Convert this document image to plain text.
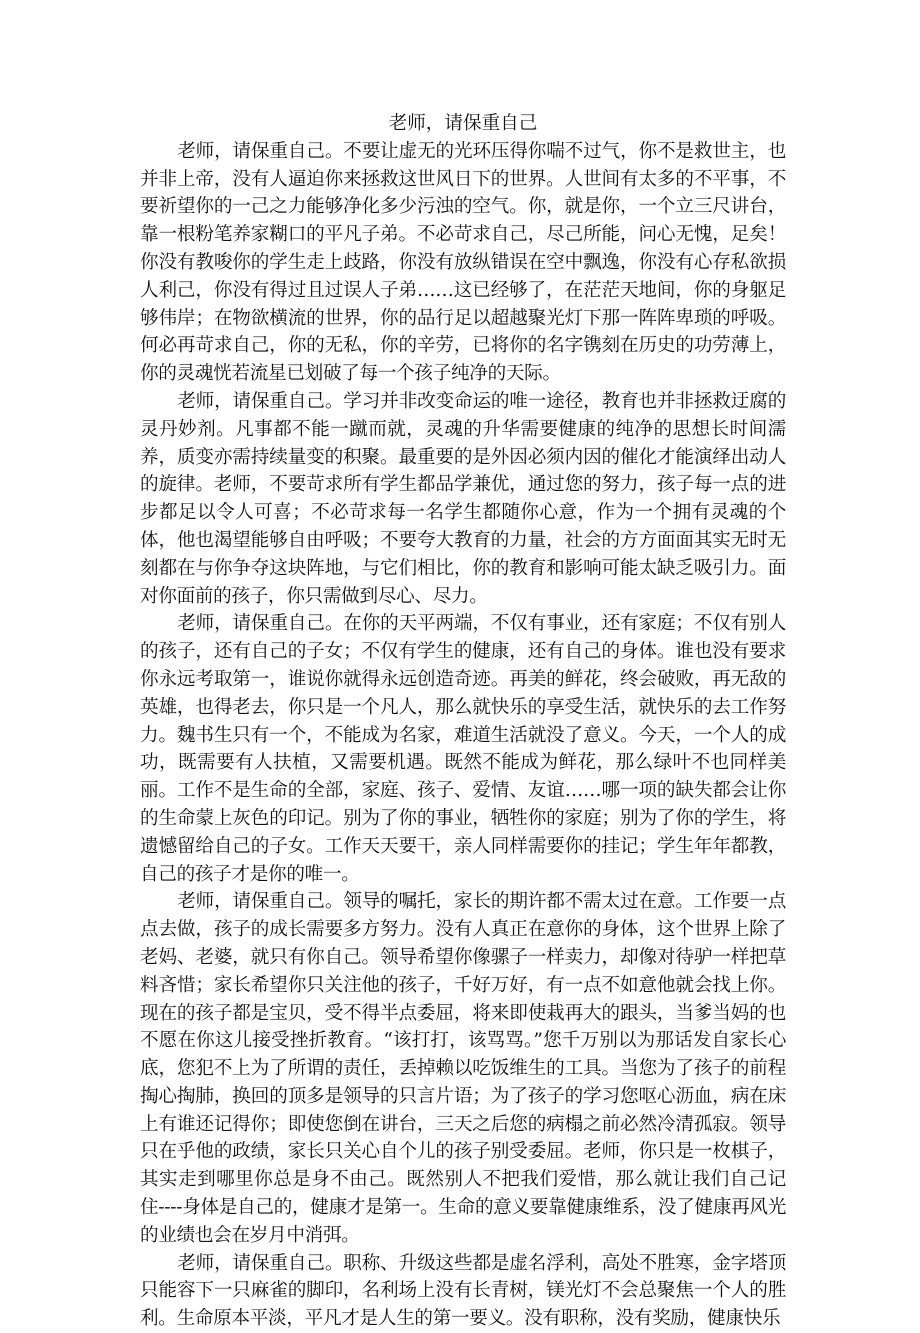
老师，请保重自己

老师，请保重自己。不要让虚无的光环压得你喘不过气，你不是救世主，也并非上帝，没有人逼迫你来拯救这世风日下的世界。人世间有太多的不平事，不要祈望你的一己之力能够净化多少污浊的空气。你，就是你，一个立三尺讲台，靠一根粉笔养家糊口的平凡子弟。不必苛求自己，尽己所能，问心无愧，足矣！你没有教唆你的学生走上歧路，你没有放纵错误在空中飘逸，你没有心存私欲损人利己，你没有得过且过误人子弟……这已经够了，在茫茫天地间，你的身躯足够伟岸；在物欲横流的世界，你的品行足以超越聚光灯下那一阵阵卑琐的呼吸。何必再苛求自己，你的无私，你的辛劳，已将你的名字镌刻在历史的功劳薄上，你的灵魂恍若流星已划破了每一个孩子纯净的天际。

老师，请保重自己。学习并非改变命运的唯一途径，教育也并非拯救迂腐的灵丹妙剂。凡事都不能一蹴而就，灵魂的升华需要健康的纯净的思想长时间濡养，质变亦需持续量变的积聚。最重要的是外因必须内因的催化才能演绎出动人的旋律。老师，不要苛求所有学生都品学兼优，通过您的努力，孩子每一点的进步都足以令人可喜；不必苛求每一名学生都随你心意，作为一个拥有灵魂的个体，他也渴望能够自由呼吸；不要夸大教育的力量，社会的方方面面其实无时无刻都在与你争夺这块阵地，与它们相比，你的教育和影响可能太缺乏吸引力。面对你面前的孩子，你只需做到尽心、尽力。

老师，请保重自己。在你的天平两端，不仅有事业，还有家庭；不仅有别人的孩子，还有自己的子女；不仅有学生的健康，还有自己的身体。谁也没有要求你永远考取第一，谁说你就得永远创造奇迹。再美的鲜花，终会破败，再无敌的英雄，也得老去，你只是一个凡人，那么就快乐的享受生活，就快乐的去工作努力。魏书生只有一个，不能成为名家，难道生活就没了意义。今天，一个人的成功，既需要有人扶植，又需要机遇。既然不能成为鲜花，那么绿叶不也同样美丽。工作不是生命的全部，家庭、孩子、爱情、友谊……哪一项的缺失都会让你的生命蒙上灰色的印记。别为了你的事业，牺牲你的家庭；别为了你的学生，将遗憾留给自己的子女。工作天天要干，亲人同样需要你的挂记；学生年年都教，自己的孩子才是你的唯一。

老师，请保重自己。领导的嘱托，家长的期许都不需太过在意。工作要一点点去做，孩子的成长需要多方努力。没有人真正在意你的身体，这个世界上除了老妈、老婆，就只有你自己。领导希望你像骡子一样卖力，却像对待驴一样把草料吝惜；家长希望你只关注他的孩子，千好万好，有一点不如意他就会找上你。现在的孩子都是宝贝，受不得半点委屈，将来即使栽再大的跟头，当爹当妈的也不愿在你这儿接受挫折教育。“该打打，该骂骂。”您千万别以为那话发自家长心底，您犯不上为了所谓的责任，丢掉赖以吃饭维生的工具。当您为了孩子的前程掏心掏肺，换回的顶多是领导的只言片语；为了孩子的学习您呕心沥血，病在床上有谁还记得你；即使您倒在讲台，三天之后您的病榻之前必然冷清孤寂。领导只在乎他的政绩，家长只关心自个儿的孩子别受委屈。老师，你只是一枚棋子，其实走到哪里你总是身不由己。既然别人不把我们爱惜，那么就让我们自己记住----身体是自己的，健康才是第一。生命的意义要靠健康维系，没了健康再风光的业绩也会在岁月中消弭。

老师，请保重自己。职称、升级这些都是虚名浮利，高处不胜寒，金字塔顶只能容下一只麻雀的脚印，名利场上没有长青树，镁光灯不会总聚焦一个人的胜利。生命原本平淡，平凡才是人生的第一要义。没有职称，没有奖励，健康快乐
